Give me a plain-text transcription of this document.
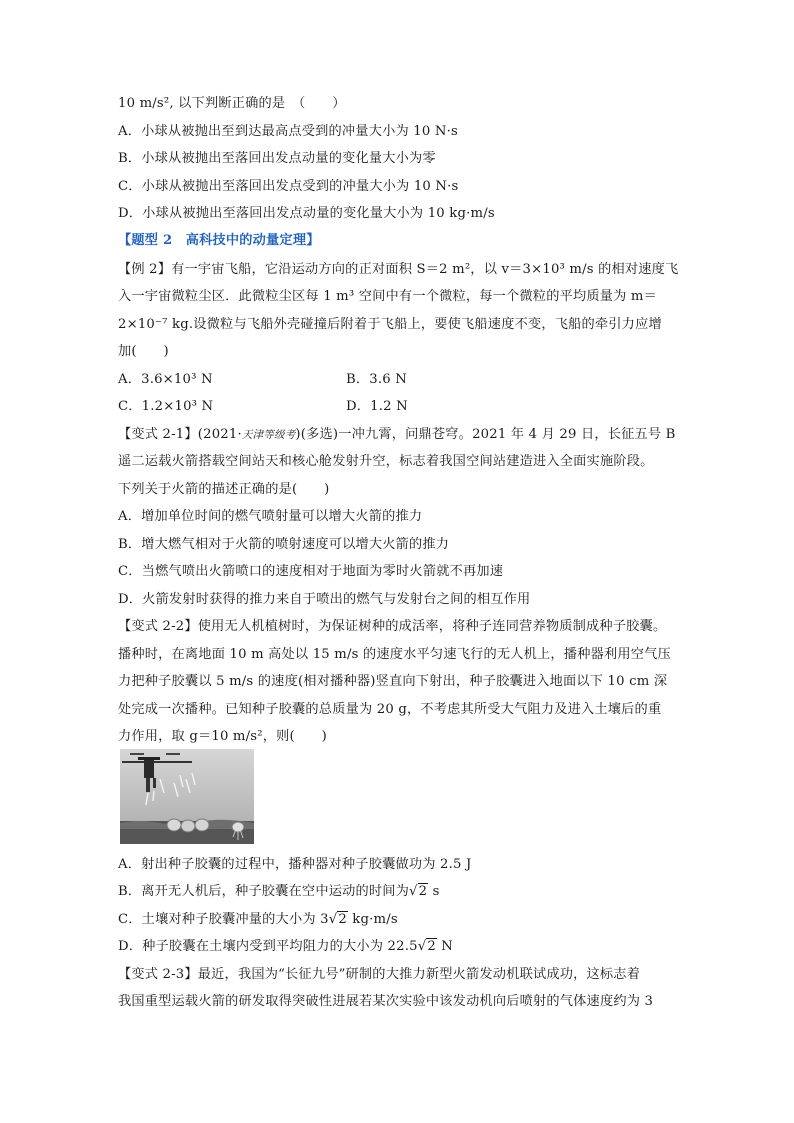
10 m/s², 以下判断正确的是　（　　）
A．小球从被抛出至到达最高点受到的冲量大小为 10 N·s
B．小球从被抛出至落回出发点动量的变化量大小为零
C．小球从被抛出至落回出发点受到的冲量大小为 10 N·s
D．小球从被抛出至落回出发点动量的变化量大小为 10 kg·m/s
【题型 2　高科技中的动量定理】
【例 2】有一宇宙飞船，它沿运动方向的正对面积 S＝2 m²，以 v＝3×10³ m/s 的相对速度飞
入一宇宙微粒尘区．此微粒尘区每 1 m³ 空间中有一个微粒，每一个微粒的平均质量为 m＝
2×10⁻⁷ kg.设微粒与飞船外壳碰撞后附着于飞船上，要使飞船速度不变，飞船的牵引力应增
加(　　)
A．3.6×10³ N	B．3.6 N
C．1.2×10³ N	D．1.2 N
【变式 2-1】(2021·天津等级考)(多选)一冲九霄，问鼎苍穹。2021 年 4 月 29 日，长征五号 B
遥二运载火箭搭载空间站天和核心舱发射升空，标志着我国空间站建造进入全面实施阶段。
下列关于火箭的描述正确的是(　　)
A．增加单位时间的燃气喷射量可以增大火箭的推力
B．增大燃气相对于火箭的喷射速度可以增大火箭的推力
C．当燃气喷出火箭喷口的速度相对于地面为零时火箭就不再加速
D．火箭发射时获得的推力来自于喷出的燃气与发射台之间的相互作用
【变式 2-2】使用无人机植树时，为保证树种的成活率，将种子连同营养物质制成种子胶囊。
播种时，在离地面 10 m 高处以 15 m/s 的速度水平匀速飞行的无人机上，播种器利用空气压
力把种子胶囊以 5 m/s 的速度(相对播种器)竖直向下射出，种子胶囊进入地面以下 10 cm 深
处完成一次播种。已知种子胶囊的总质量为 20 g，不考虑其所受大气阻力及进入土壤后的重
力作用，取 g＝10 m/s²，则(　　)
A．射出种子胶囊的过程中，播种器对种子胶囊做功为 2.5 J
B．离开无人机后，种子胶囊在空中运动的时间为√2 s
C．土壤对种子胶囊冲量的大小为 3√2 kg·m/s
D．种子胶囊在土壤内受到平均阻力的大小为 22.5√2 N
【变式 2-3】最近，我国为“长征九号”研制的大推力新型火箭发动机联试成功，这标志着
我国重型运载火箭的研发取得突破性进展若某次实验中该发动机向后喷射的气体速度约为 3
